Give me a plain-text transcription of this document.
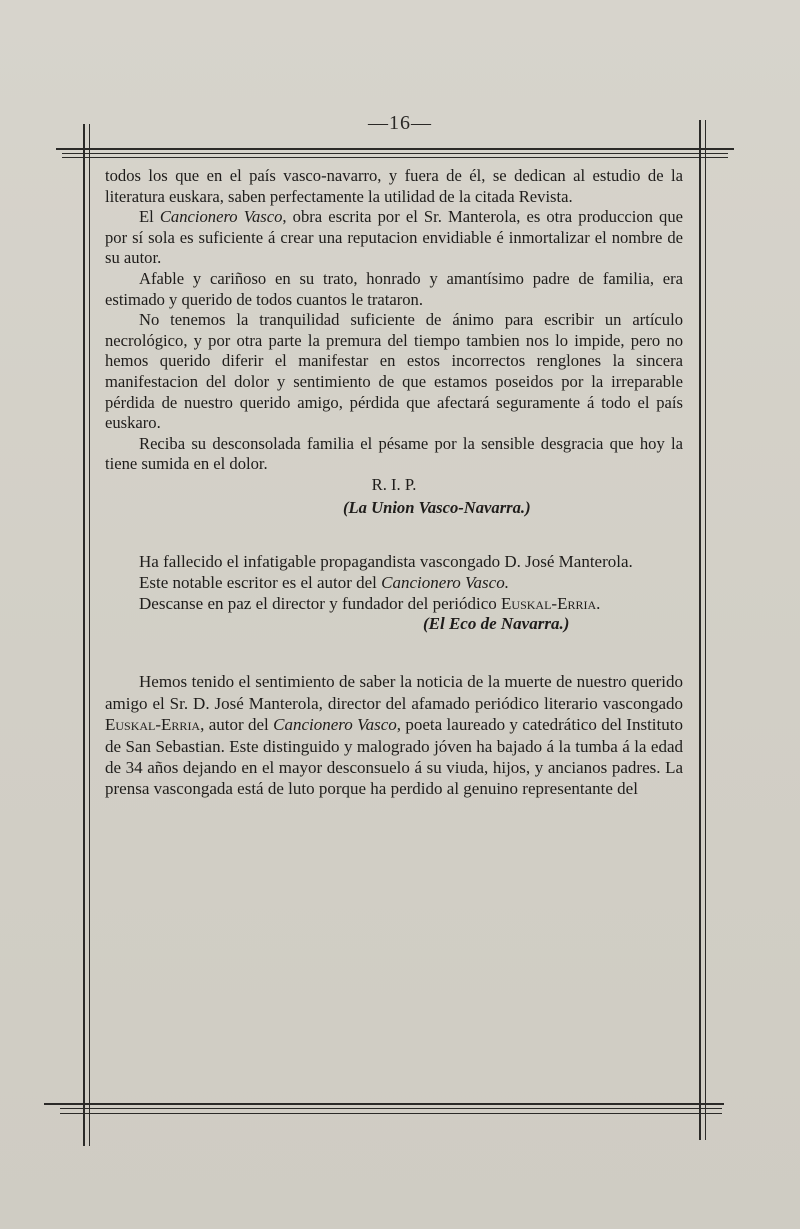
—16—

todos los que en el país vasco-navarro, y fuera de él, se dedican al estudio de la literatura euskara, saben perfectamente la utilidad de la citada Revista.

El Cancionero Vasco, obra escrita por el Sr. Manterola, es otra produccion que por sí sola es suficiente á crear una reputacion envidiable é inmortalizar el nombre de su autor.

Afable y cariñoso en su trato, honrado y amantísimo padre de familia, era estimado y querido de todos cuantos le trataron.

No tenemos la tranquilidad suficiente de ánimo para escribir un artículo necrológico, y por otra parte la premura del tiempo tambien nos lo impide, pero no hemos querido diferir el manifestar en estos incorrectos renglones la sincera manifestacion del dolor y sentimiento de que estamos poseidos por la irreparable pérdida de nuestro querido amigo, pérdida que afectará seguramente á todo el país euskaro.

Reciba su desconsolada familia el pésame por la sensible desgracia que hoy la tiene sumida en el dolor.

R. I. P.

(La Union Vasco-Navarra.)

Ha fallecido el infatigable propagandista vascongado D. José Manterola.

Este notable escritor es el autor del Cancionero Vasco.

Descanse en paz el director y fundador del periódico Euskal-Erria.

(El Eco de Navarra.)

Hemos tenido el sentimiento de saber la noticia de la muerte de nuestro querido amigo el Sr. D. José Manterola, director del afamado periódico literario vascongado Euskal-Erria, autor del Cancionero Vasco, poeta laureado y catedrático del Instituto de San Sebastian. Este distinguido y malogrado jóven ha bajado á la tumba á la edad de 34 años dejando en el mayor desconsuelo á su viuda, hijos, y ancianos padres. La prensa vascongada está de luto porque ha perdido al genuino representante del
